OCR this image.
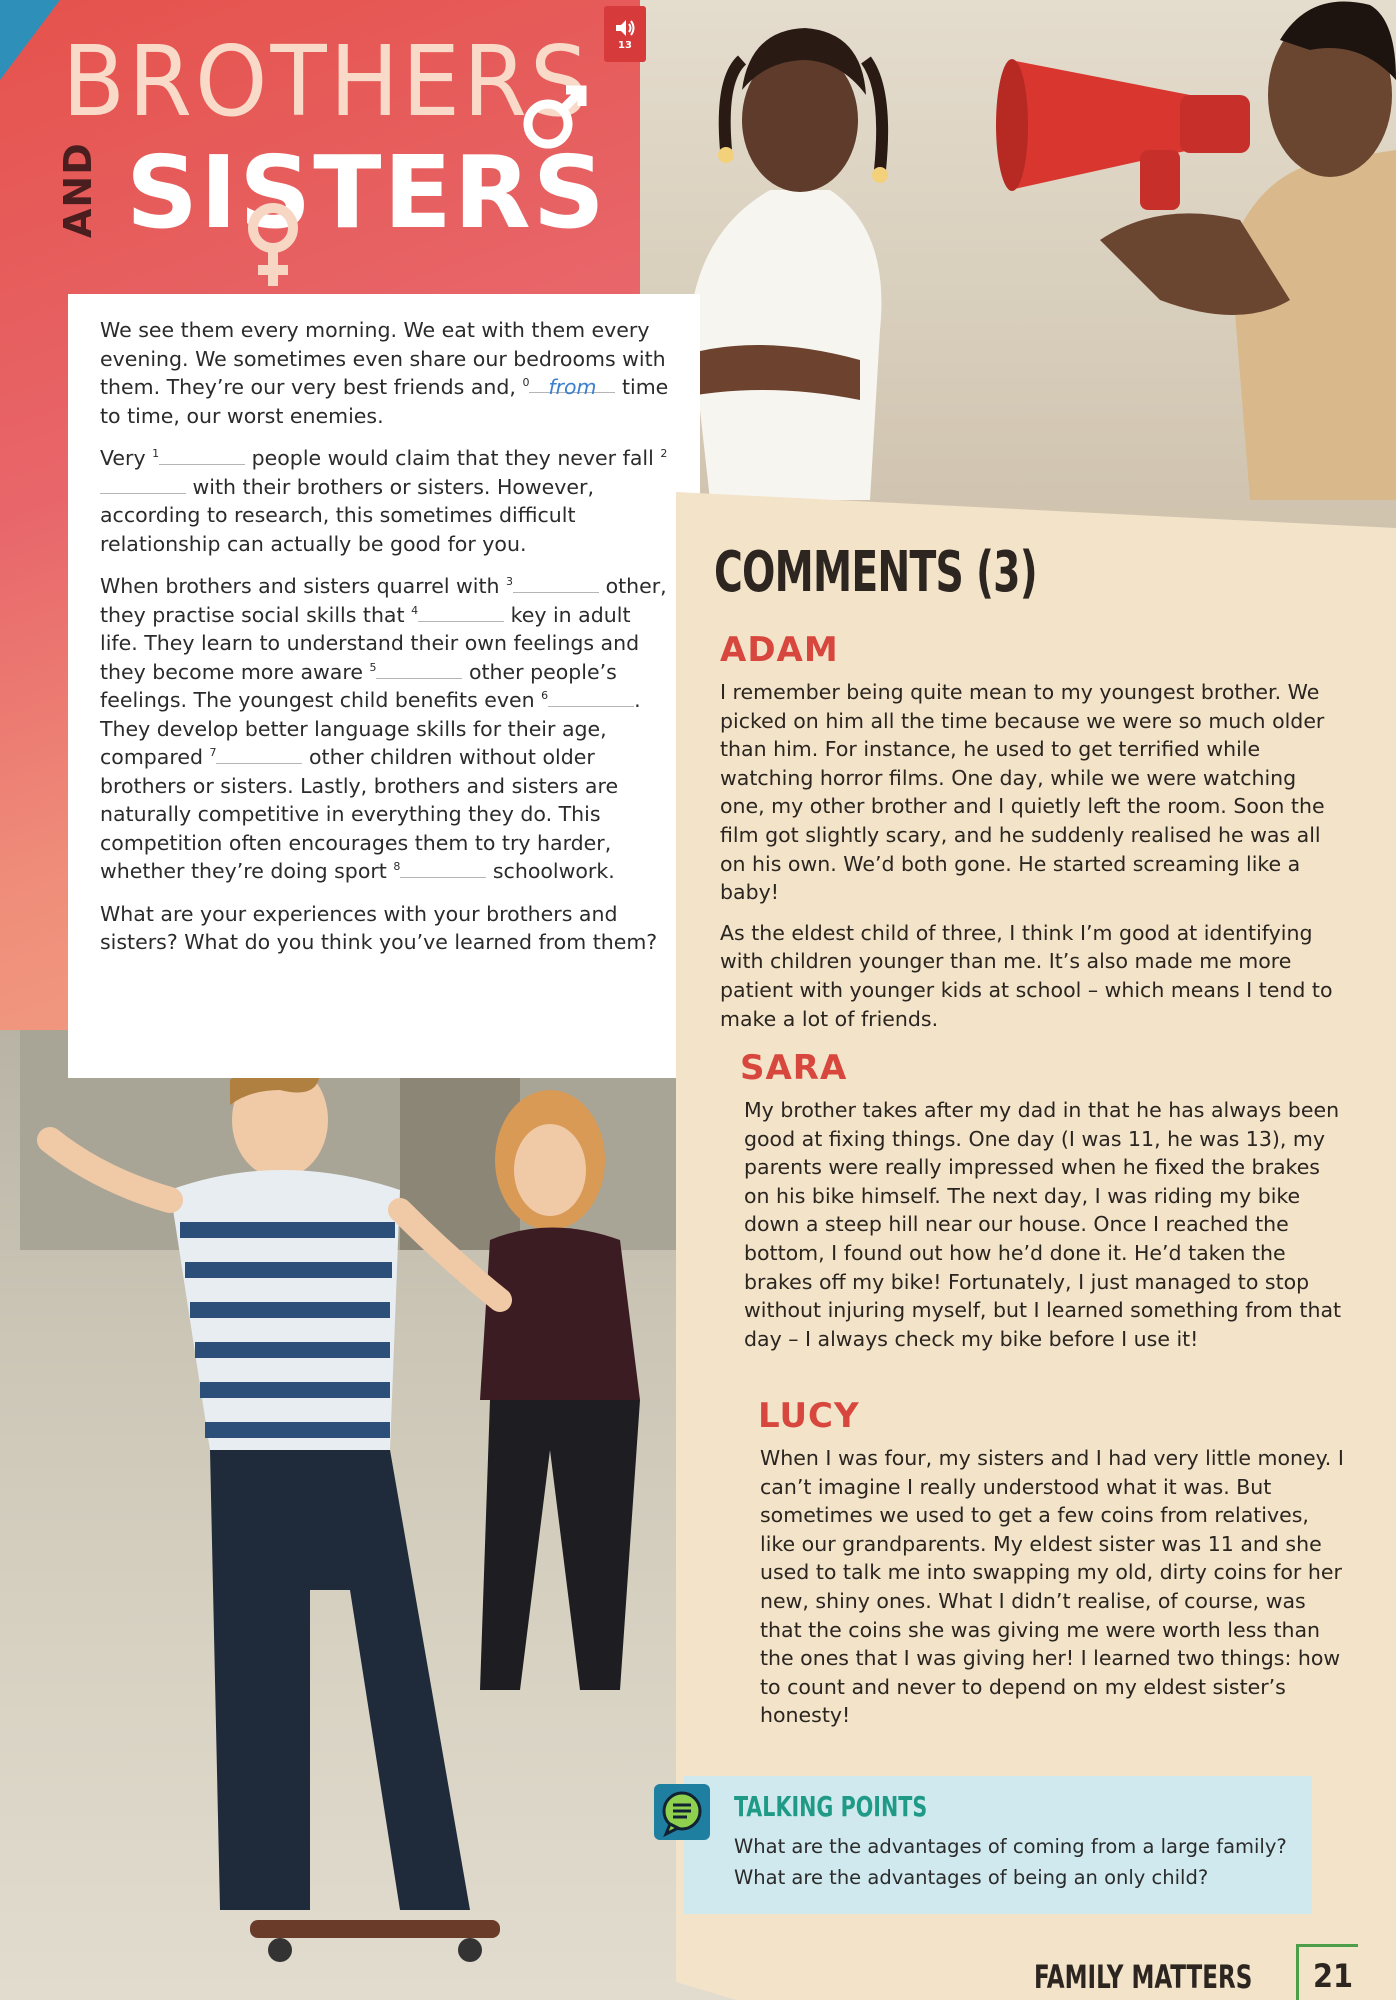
13
BROTHERS
AND SISTERS

We see them every morning. We eat with them every evening. We sometimes even share our bedrooms with them. They’re our very best friends and, $^0$ from time to time, our worst enemies.

Very $^1$	people would claim that they never fall $^2$ with their brothers or sisters. However, according to research, this sometimes difficult relationship can actually be good for you.

When brothers and sisters quarrel with $^3$	other, they practise social skills that $^4$	key in adult life. They learn to understand their own feelings and they become more aware $^5$	other people’s feelings. The youngest child benefits even $^6$	. They develop better language skills for their age, compared $^7$	other children without older brothers or sisters. Lastly, brothers and sisters are naturally competitive in everything they do. This competition often encourages them to try harder, whether they’re doing sport $^8$	schoolwork.

What are your experiences with your brothers and sisters? What do you think you’ve learned from them?

COMMENTS (3)
ADAM

I remember being quite mean to my youngest brother. We picked on him all the time because we were so much older than him. For instance, he used to get terrified while watching horror films. One day, while we were watching one, my other brother and I quietly left the room. Soon the film got slightly scary, and he suddenly realised he was all on his own. We’d both gone. He started screaming like a baby!

As the eldest child of three, I think I’m good at identifying with children younger than me. It’s also made me more patient with younger kids at school – which means I tend to make a lot of friends.

SARA

My brother takes after my dad in that he has always been good at fixing things. One day (I was 11, he was 13), my parents were really impressed when he fixed the brakes on his bike himself. The next day, I was riding my bike down a steep hill near our house. Once I reached the bottom, I found out how he’d done it. He’d taken the brakes off my bike! Fortunately, I just managed to stop without injuring myself, but I learned something from that day – I always check my bike before I use it!

LUCY

When I was four, my sisters and I had very little money. I can’t imagine I really understood what it was. But sometimes we used to get a few coins from relatives, like our grandparents. My eldest sister was 11 and she used to talk me into swapping my old, dirty coins for her new, shiny ones. What I didn’t realise, of course, was that the coins she was giving me were worth less than the ones that I was giving her! I learned two things: how to count and never to depend on my eldest sister’s honesty!

TALKING POINTS
What are the advantages of coming from a large family?
What are the advantages of being an only child?
FAMILY MATTERS	21
